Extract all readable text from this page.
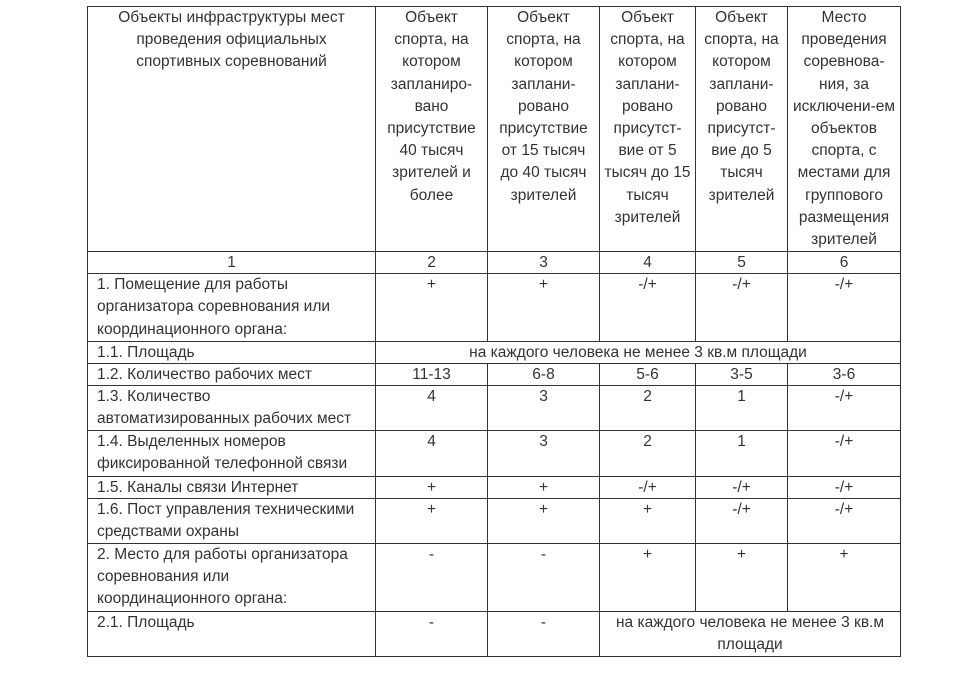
Объекты инфраструктуры мест проведения официальных спортивных соревнований	Объект спорта, на котором запланиро-вано присутствие 40 тысяч зрителей и более	Объект спорта, на котором заплани-ровано присутствие от 15 тысяч до 40 тысяч зрителей	Объект спорта, на котором заплани-ровано присутст-вие от 5 тысяч до 15 тысяч зрителей	Объект спорта, на котором заплани-ровано присутст-вие до 5 тысяч зрителей	Место проведения соревнова-ния, за исключени-ем объектов спорта, с местами для группового размещения зрителей
1	2	3	4	5	6
1. Помещение для работы организатора соревнования или координационного органа:	+	+	-/+	-/+	-/+
1.1. Площадь	на каждого человека не менее 3 кв.м площади				
1.2. Количество рабочих мест	11-13	6-8	5-6	3-5	3-6
1.3. Количество автоматизированных рабочих мест	4	3	2	1	-/+
1.4. Выделенных номеров фиксированной телефонной связи	4	3	2	1	-/+
1.5. Каналы связи Интернет	+	+	-/+	-/+	-/+
1.6. Пост управления техническими средствами охраны	+	+	+	-/+	-/+
2. Место для работы организатора соревнования или координационного органа:	-	-	+	+	+
2.1. Площадь	-	-	на каждого человека не менее 3 кв.м площади		
